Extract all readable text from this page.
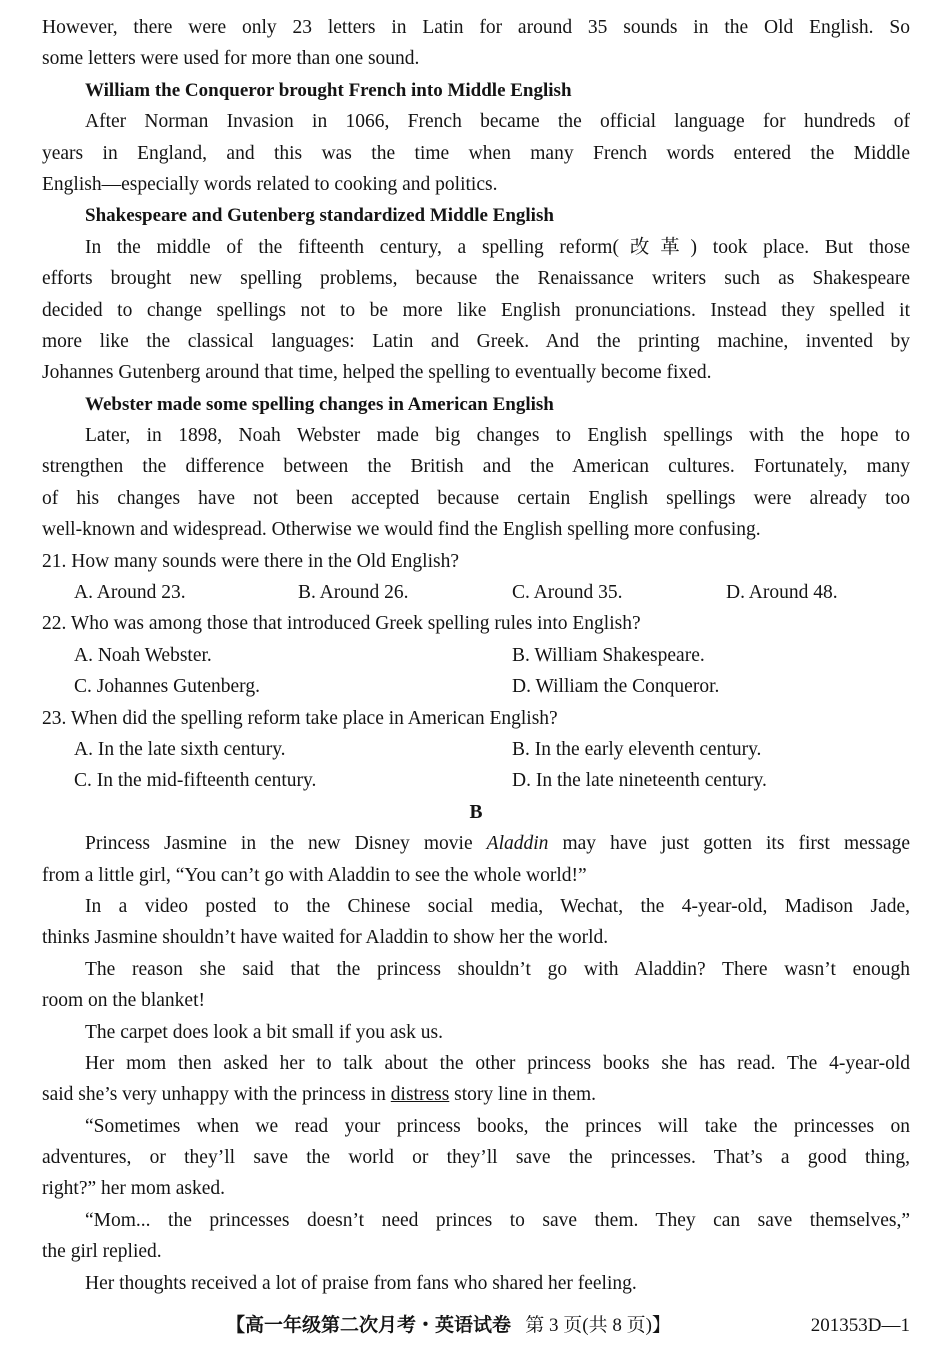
However, there were only 23 letters in Latin for around 35 sounds in the Old English. So
some letters were used for more than one sound.
William the Conqueror brought French into Middle English
After Norman Invasion in 1066, French became the official language for hundreds of
years in England, and this was the time when many French words entered the Middle
English—especially words related to cooking and politics.
Shakespeare and Gutenberg standardized Middle English
In the middle of the fifteenth century, a spelling reform(改革) took place. But those
efforts brought new spelling problems, because the Renaissance writers such as Shakespeare
decided to change spellings not to be more like English pronunciations. Instead they spelled it
more like the classical languages: Latin and Greek. And the printing machine, invented by
Johannes Gutenberg around that time, helped the spelling to eventually become fixed.
Webster made some spelling changes in American English
Later, in 1898, Noah Webster made big changes to English spellings with the hope to
strengthen the difference between the British and the American cultures. Fortunately, many
of his changes have not been accepted because certain English spellings were already too
well-known and widespread. Otherwise we would find the English spelling more confusing.
21. How many sounds were there in the Old English?
A. Around 23.	B. Around 26.	C. Around 35.	D. Around 48.
22. Who was among those that introduced Greek spelling rules into English?
A. Noah Webster.	B. William Shakespeare.
C. Johannes Gutenberg.	D. William the Conqueror.
23. When did the spelling reform take place in American English?
A. In the late sixth century.	B. In the early eleventh century.
C. In the mid-fifteenth century.	D. In the late nineteenth century.
B
Princess Jasmine in the new Disney movie Aladdin may have just gotten its first message
from a little girl, “You can’t go with Aladdin to see the whole world!”
In a video posted to the Chinese social media, Wechat, the 4-year-old, Madison Jade,
thinks Jasmine shouldn’t have waited for Aladdin to show her the world.
The reason she said that the princess shouldn’t go with Aladdin? There wasn’t enough
room on the blanket!
The carpet does look a bit small if you ask us.
Her mom then asked her to talk about the other princess books she has read. The 4-year-old
said she’s very unhappy with the princess in distress story line in them.
“Sometimes when we read your princess books, the princes will take the princesses on
adventures, or they’ll save the world or they’ll save the princesses. That’s a good thing,
right?” her mom asked.
“Mom... the princesses doesn’t need princes to save them. They can save themselves,”
the girl replied.
Her thoughts received a lot of praise from fans who shared her feeling.
【高一年级第二次月考・英语试卷 第 3 页(共 8 页)】	201353D—1
